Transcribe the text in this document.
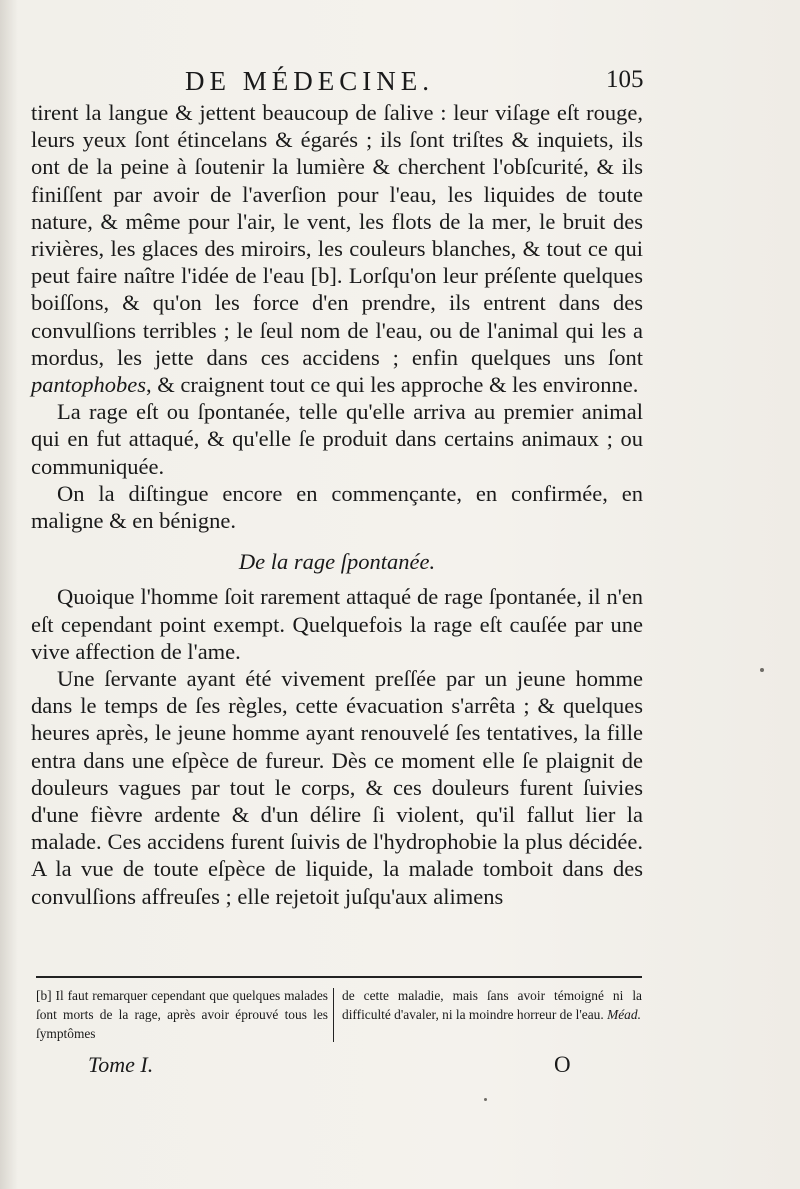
DE MÉDECINE.	105

tirent la langue & jettent beaucoup de ſalive : leur viſage eſt rouge, leurs yeux ſont étincelans & égarés ; ils ſont triſtes & inquiets, ils ont de la peine à ſoutenir la lumière & cherchent l'obſcurité, & ils finiſſent par avoir de l'averſion pour l'eau, les liquides de toute nature, & même pour l'air, le vent, les flots de la mer, le bruit des rivières, les glaces des miroirs, les couleurs blanches, & tout ce qui peut faire naître l'idée de l'eau [b]. Lorſqu'on leur préſente quelques boiſſons, & qu'on les force d'en prendre, ils entrent dans des convulſions terribles ; le ſeul nom de l'eau, ou de l'animal qui les a mordus, les jette dans ces accidens ; enfin quelques uns ſont pantophobes, & craignent tout ce qui les approche & les environne.

La rage eſt ou ſpontanée, telle qu'elle arriva au premier animal qui en fut attaqué, & qu'elle ſe produit dans certains animaux ; ou communiquée.

On la diſtingue encore en commençante, en confirmée, en maligne & en bénigne.

De la rage ſpontanée.

Quoique l'homme ſoit rarement attaqué de rage ſpontanée, il n'en eſt cependant point exempt. Quelquefois la rage eſt cauſée par une vive affection de l'ame.

Une ſervante ayant été vivement preſſée par un jeune homme dans le temps de ſes règles, cette évacuation s'arrêta ; & quelques heures après, le jeune homme ayant renouvelé ſes tentatives, la fille entra dans une eſpèce de fureur. Dès ce moment elle ſe plaignit de douleurs vagues par tout le corps, & ces douleurs furent ſuivies d'une fièvre ardente & d'un délire ſi violent, qu'il fallut lier la malade. Ces accidens furent ſuivis de l'hydrophobie la plus décidée. A la vue de toute eſpèce de liquide, la malade tomboit dans des convulſions affreuſes ; elle rejetoit juſqu'aux alimens

[b] Il faut remarquer cependant que quelques malades ſont morts de la rage, après avoir éprouvé tous les ſymptômes
de cette maladie, mais ſans avoir témoigné ni la difficulté d'avaler, ni la moindre horreur de l'eau. Méad.
Tome I.	O
